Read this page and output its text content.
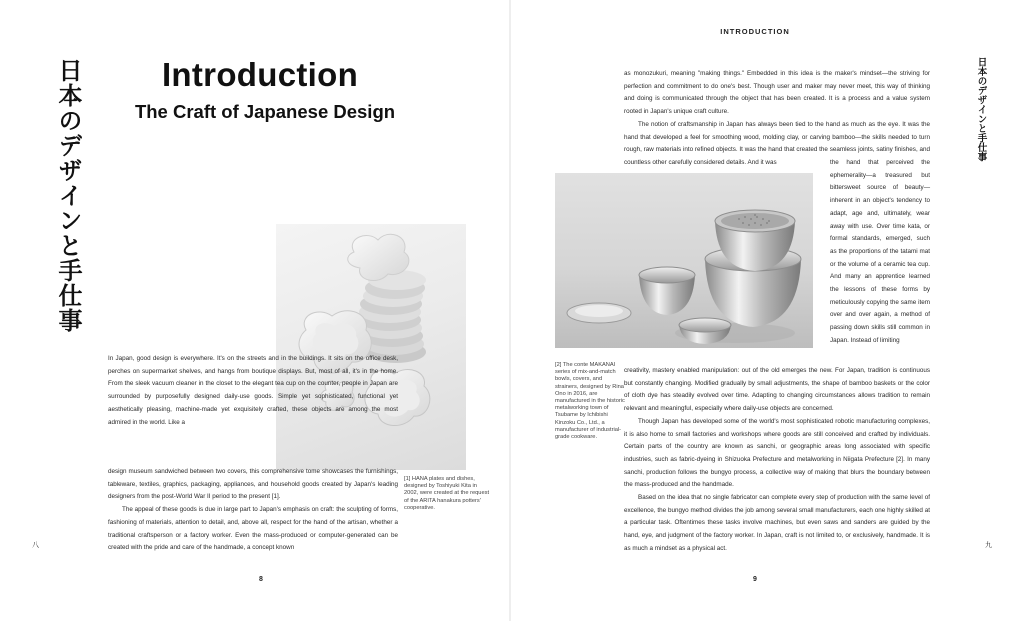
日本のデザインと手仕事	Introduction
The Craft of Japanese Design

[1] HANA plates and dishes, designed by Toshiyuki Kita in 2002, were created at the request of the ARITA hanakura potters' cooperative.

In Japan, good design is everywhere. It's on the streets and in the buildings. It sits on the office desk, perches on supermarket shelves, and hangs from boutique displays. But, most of all, it's in the home. From the sleek vacuum cleaner in the closet to the elegant tea cup on the counter, people in Japan are surrounded by purposefully designed daily-use goods. Simple yet sophisticated, functional yet aesthetically pleasing, machine-made yet exquisitely crafted, these objects are among the most admired in the world. Like a

design museum sandwiched between two covers, this comprehensive tome showcases the furnishings, tableware, textiles, graphics, packaging, appliances, and household goods created by Japan's leading designers from the post-World War II period to the present [1].

The appeal of these goods is due in large part to Japan's emphasis on craft: the sculpting of forms, fashioning of materials, attention to detail, and, above all, respect for the hand of the artisan, whether a traditional craftsperson or a factory worker. Even the mass-produced or computer-generated can be created with the pride and care of the handmade, a concept known

八

8

INTRODUCTION

日本のデザインと手仕事

as monozukuri, meaning "making things." Embedded in this idea is the maker's mindset—the striving for perfection and commitment to do one's best. Though user and maker may never meet, this way of thinking and doing is communicated through the object that has been created. It is a process and a value system rooted in Japan's unique craft culture.

The notion of craftsmanship in Japan has always been tied to the hand as much as the eye. It was the hand that developed a feel for smoothing wood, molding clay, or carving bamboo—the skills needed to turn rough, raw materials into refined objects. It was the hand that created the seamless joints, satiny finishes, and countless other carefully considered details. And it was	the hand that perceived the ephemerality—a treasured but bittersweet source of beauty—inherent in an object's tendency to adapt, age and, ultimately, wear away with use. Over time kata, or formal standards, emerged, such as the proportions of the tatami mat or the volume of a ceramic tea cup. And many an apprentice learned the lessons of these forms by meticulously copying the same item over and over again, a method of passing down skills still common in Japan. Instead of limiting

[2] The conte MAKANAI series of mix-and-match bowls, covers, and strainers, designed by Rina Ono in 2016, are manufactured in the historic metalworking town of Tsubame by Ichibishi Kinzoku Co., Ltd., a manufacturer of industrial-grade cookware.

creativity, mastery enabled manipulation: out of the old emerges the new. For Japan, tradition is continuous but constantly changing. Modified gradually by small adjustments, the shape of bamboo baskets or the color of cloth dye has steadily evolved over time. Adapting to changing circumstances allows tradition to remain relevant and meaningful, especially where daily-use objects are concerned.

Though Japan has developed some of the world's most sophisticated robotic manufacturing complexes, it is also home to small factories and workshops where goods are still conceived and crafted by individuals. Certain parts of the country are known as sanchi, or geographic areas long associated with specific industries, such as fabric-dyeing in Shizuoka Prefecture and metalworking in Niigata Prefecture [2]. In many sanchi, production follows the bungyo process, a collective way of making that blurs the boundary between the mass-produced and the handmade.

Based on the idea that no single fabricator can complete every step of production with the same level of excellence, the bungyo method divides the job among several small manufacturers, each one highly skilled at a particular task. Oftentimes these tasks involve machines, but even saws and sanders are guided by the hand, eye, and judgment of the factory worker. In Japan, craft is not limited to, or exclusively, handmade. It is as much a mindset as a physical act.

9

九
